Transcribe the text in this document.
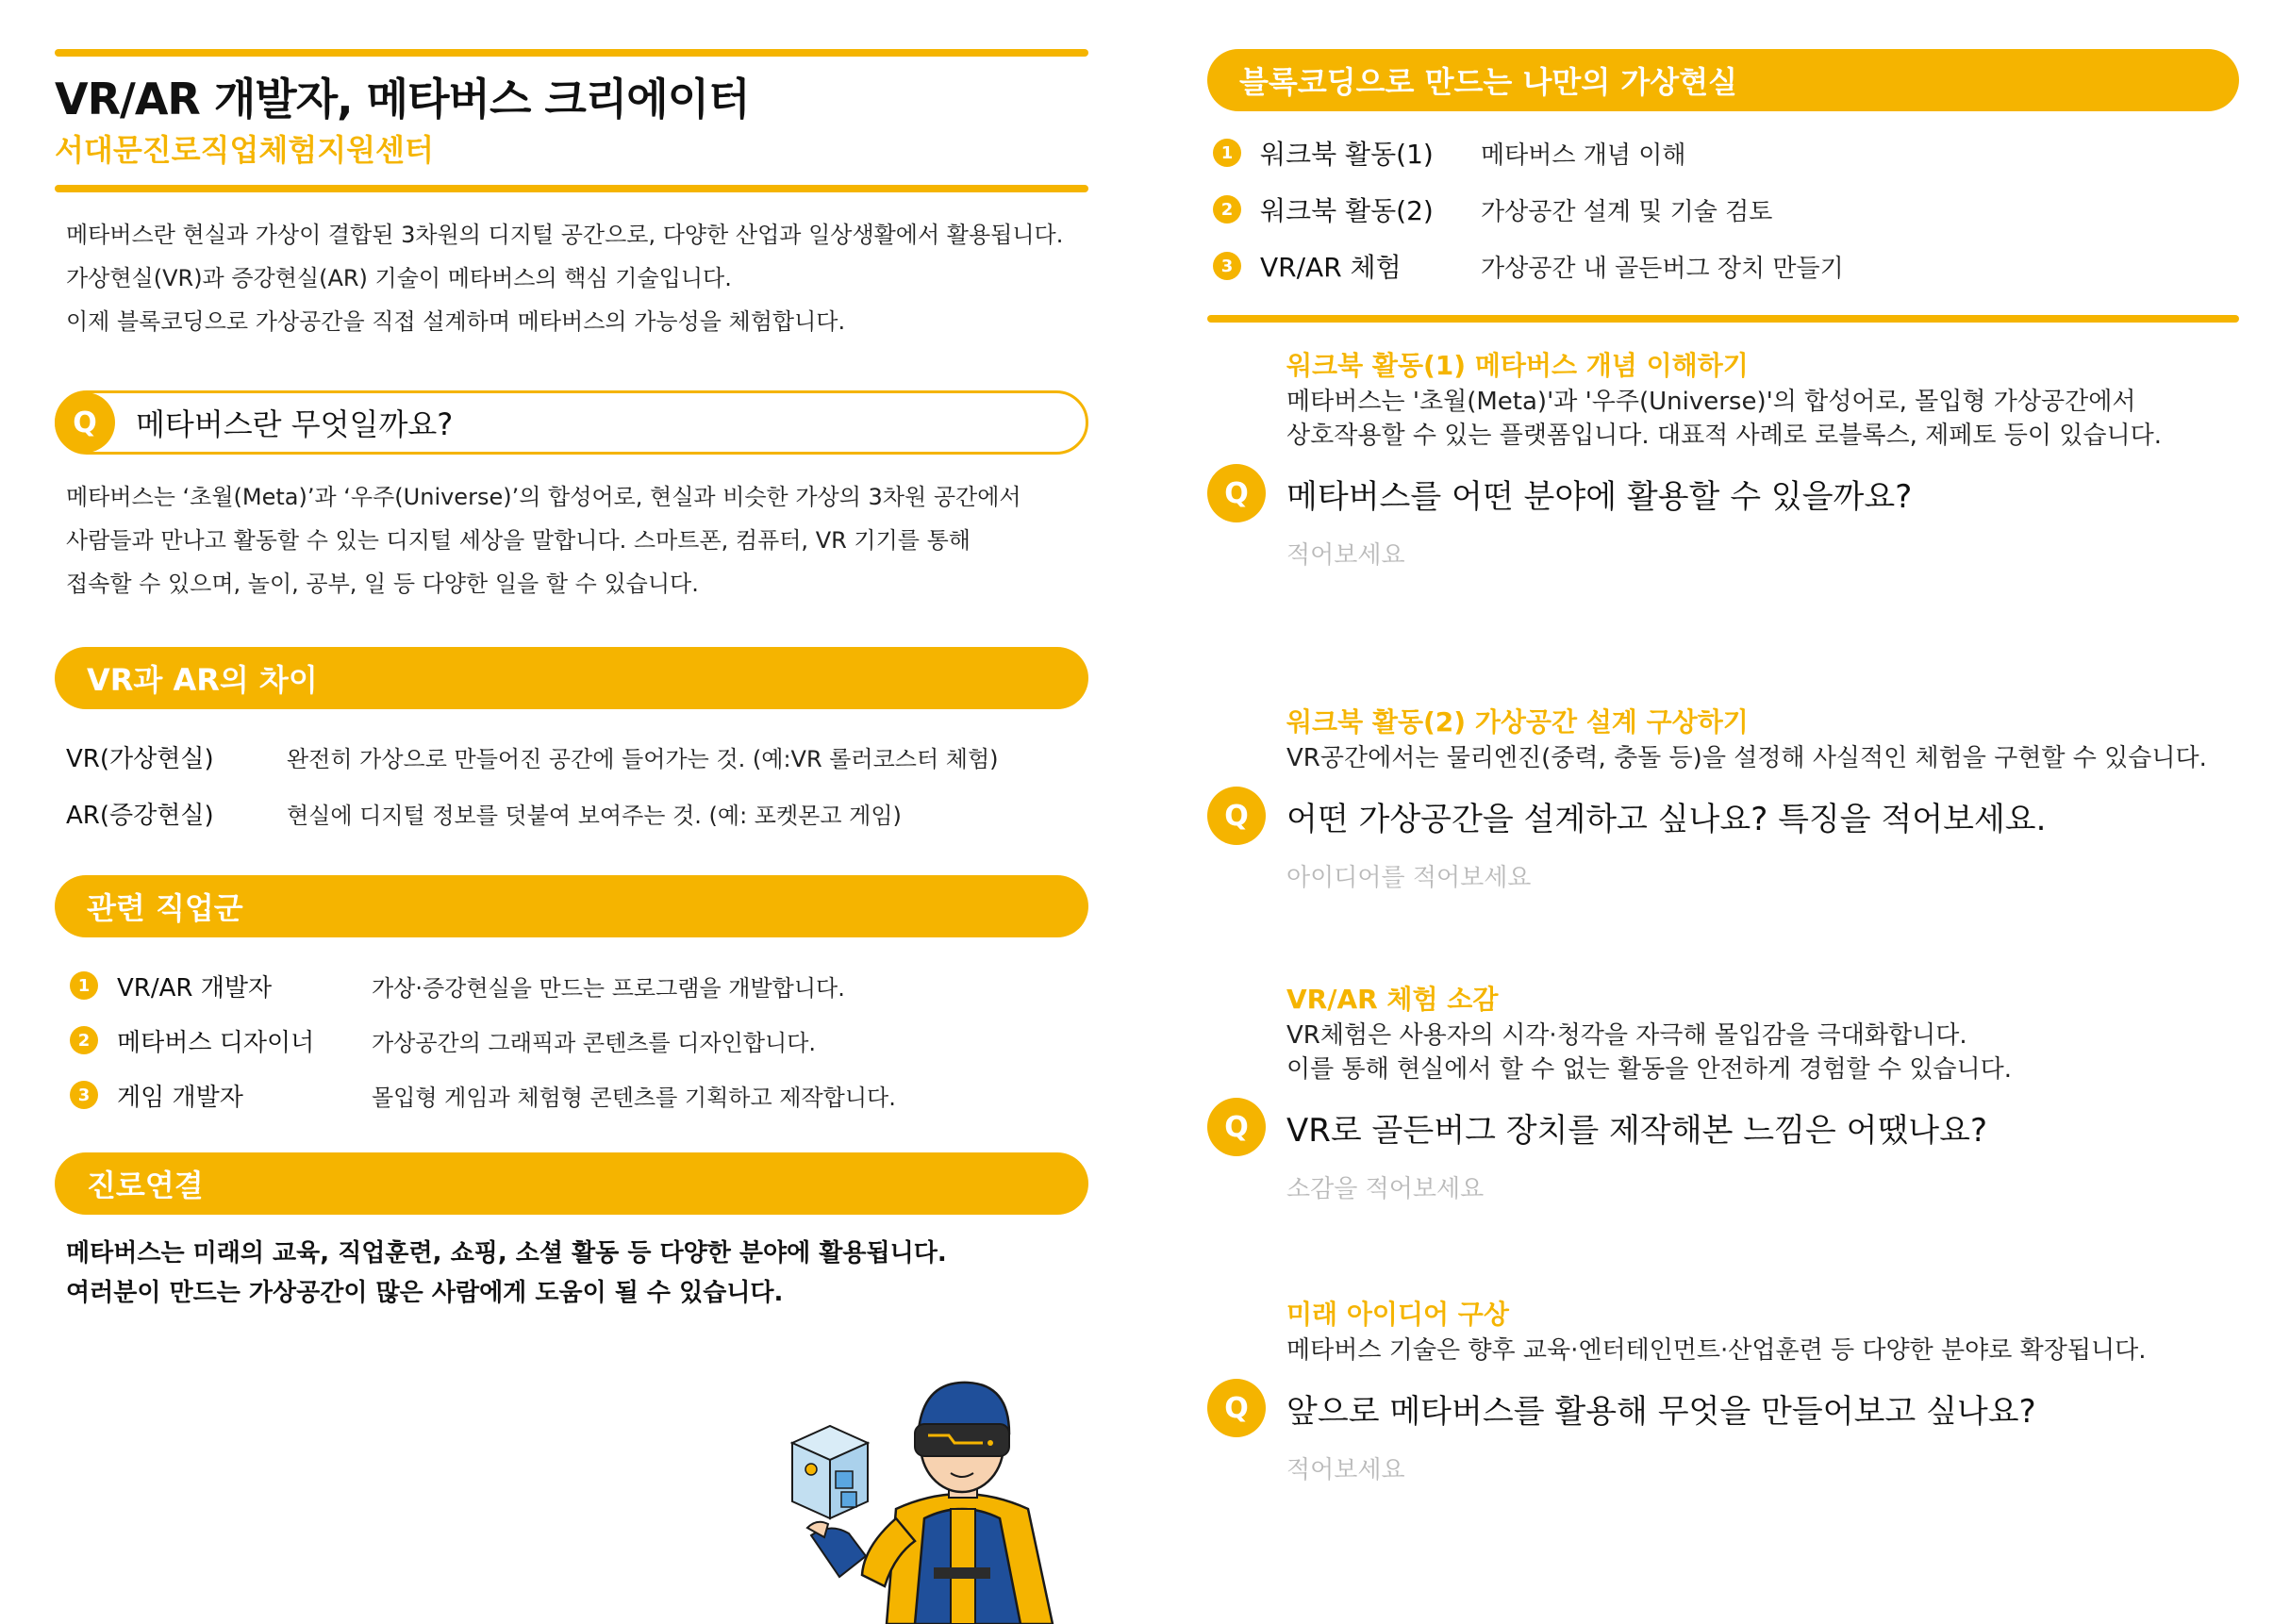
VR/AR 개발자, 메타버스 크리에이터
서대문진로직업체험지원센터

메타버스란 현실과 가상이 결합된 3차원의 디지털 공간으로, 다양한 산업과 일상생활에서 활용됩니다.

가상현실(VR)과 증강현실(AR) 기술이 메타버스의 핵심 기술입니다.

이제 블록코딩으로 가상공간을 직접 설계하며 메타버스의 가능성을 체험합니다.

Q	메타버스란 무엇일까요?

메타버스는 ‘초월(Meta)’과 ‘우주(Universe)’의 합성어로, 현실과 비슷한 가상의 3차원 공간에서

사람들과 만나고 활동할 수 있는 디지털 세상을 말합니다. 스마트폰, 컴퓨터, VR 기기를 통해

접속할 수 있으며, 놀이, 공부, 일 등 다양한 일을 할 수 있습니다.

VR과 AR의 차이
VR(가상현실)	완전히 가상으로 만들어진 공간에 들어가는 것. (예:VR 롤러코스터 체험)
AR(증강현실)	현실에 디지털 정보를 덧붙여 보여주는 것. (예: 포켓몬고 게임)
관련 직업군
1	VR/AR 개발자	가상·증강현실을 만드는 프로그램을 개발합니다.
2	메타버스 디자이너	가상공간의 그래픽과 콘텐츠를 디자인합니다.
3	게임 개발자	몰입형 게임과 체험형 콘텐츠를 기획하고 제작합니다.
진로연결

메타버스는 미래의 교육, 직업훈련, 쇼핑, 소셜 활동 등 다양한 분야에 활용됩니다.

여러분이 만드는 가상공간이 많은 사람에게 도움이 될 수 있습니다.

블록코딩으로 만드는 나만의 가상현실
1	워크북 활동(1)	메타버스 개념 이해
2	워크북 활동(2)	가상공간 설계 및 기술 검토
3	VR/AR 체험	가상공간 내 골든버그 장치 만들기
워크북 활동(1) 메타버스 개념 이해하기

메타버스는 '초월(Meta)'과 '우주(Universe)'의 합성어로, 몰입형 가상공간에서

상호작용할 수 있는 플랫폼입니다. 대표적 사례로 로블록스, 제페토 등이 있습니다.

Q	메타버스를 어떤 분야에 활용할 수 있을까요?
적어보세요
워크북 활동(2) 가상공간 설계 구상하기

VR공간에서는 물리엔진(중력, 충돌 등)을 설정해 사실적인 체험을 구현할 수 있습니다.

Q	어떤 가상공간을 설계하고 싶나요? 특징을 적어보세요.
아이디어를 적어보세요
VR/AR 체험 소감

VR체험은 사용자의 시각·청각을 자극해 몰입감을 극대화합니다.

이를 통해 현실에서 할 수 없는 활동을 안전하게 경험할 수 있습니다.

Q	VR로 골든버그 장치를 제작해본 느낌은 어땠나요?
소감을 적어보세요
미래 아이디어 구상

메타버스 기술은 향후 교육·엔터테인먼트·산업훈련 등 다양한 분야로 확장됩니다.

Q	앞으로 메타버스를 활용해 무엇을 만들어보고 싶나요?
적어보세요
